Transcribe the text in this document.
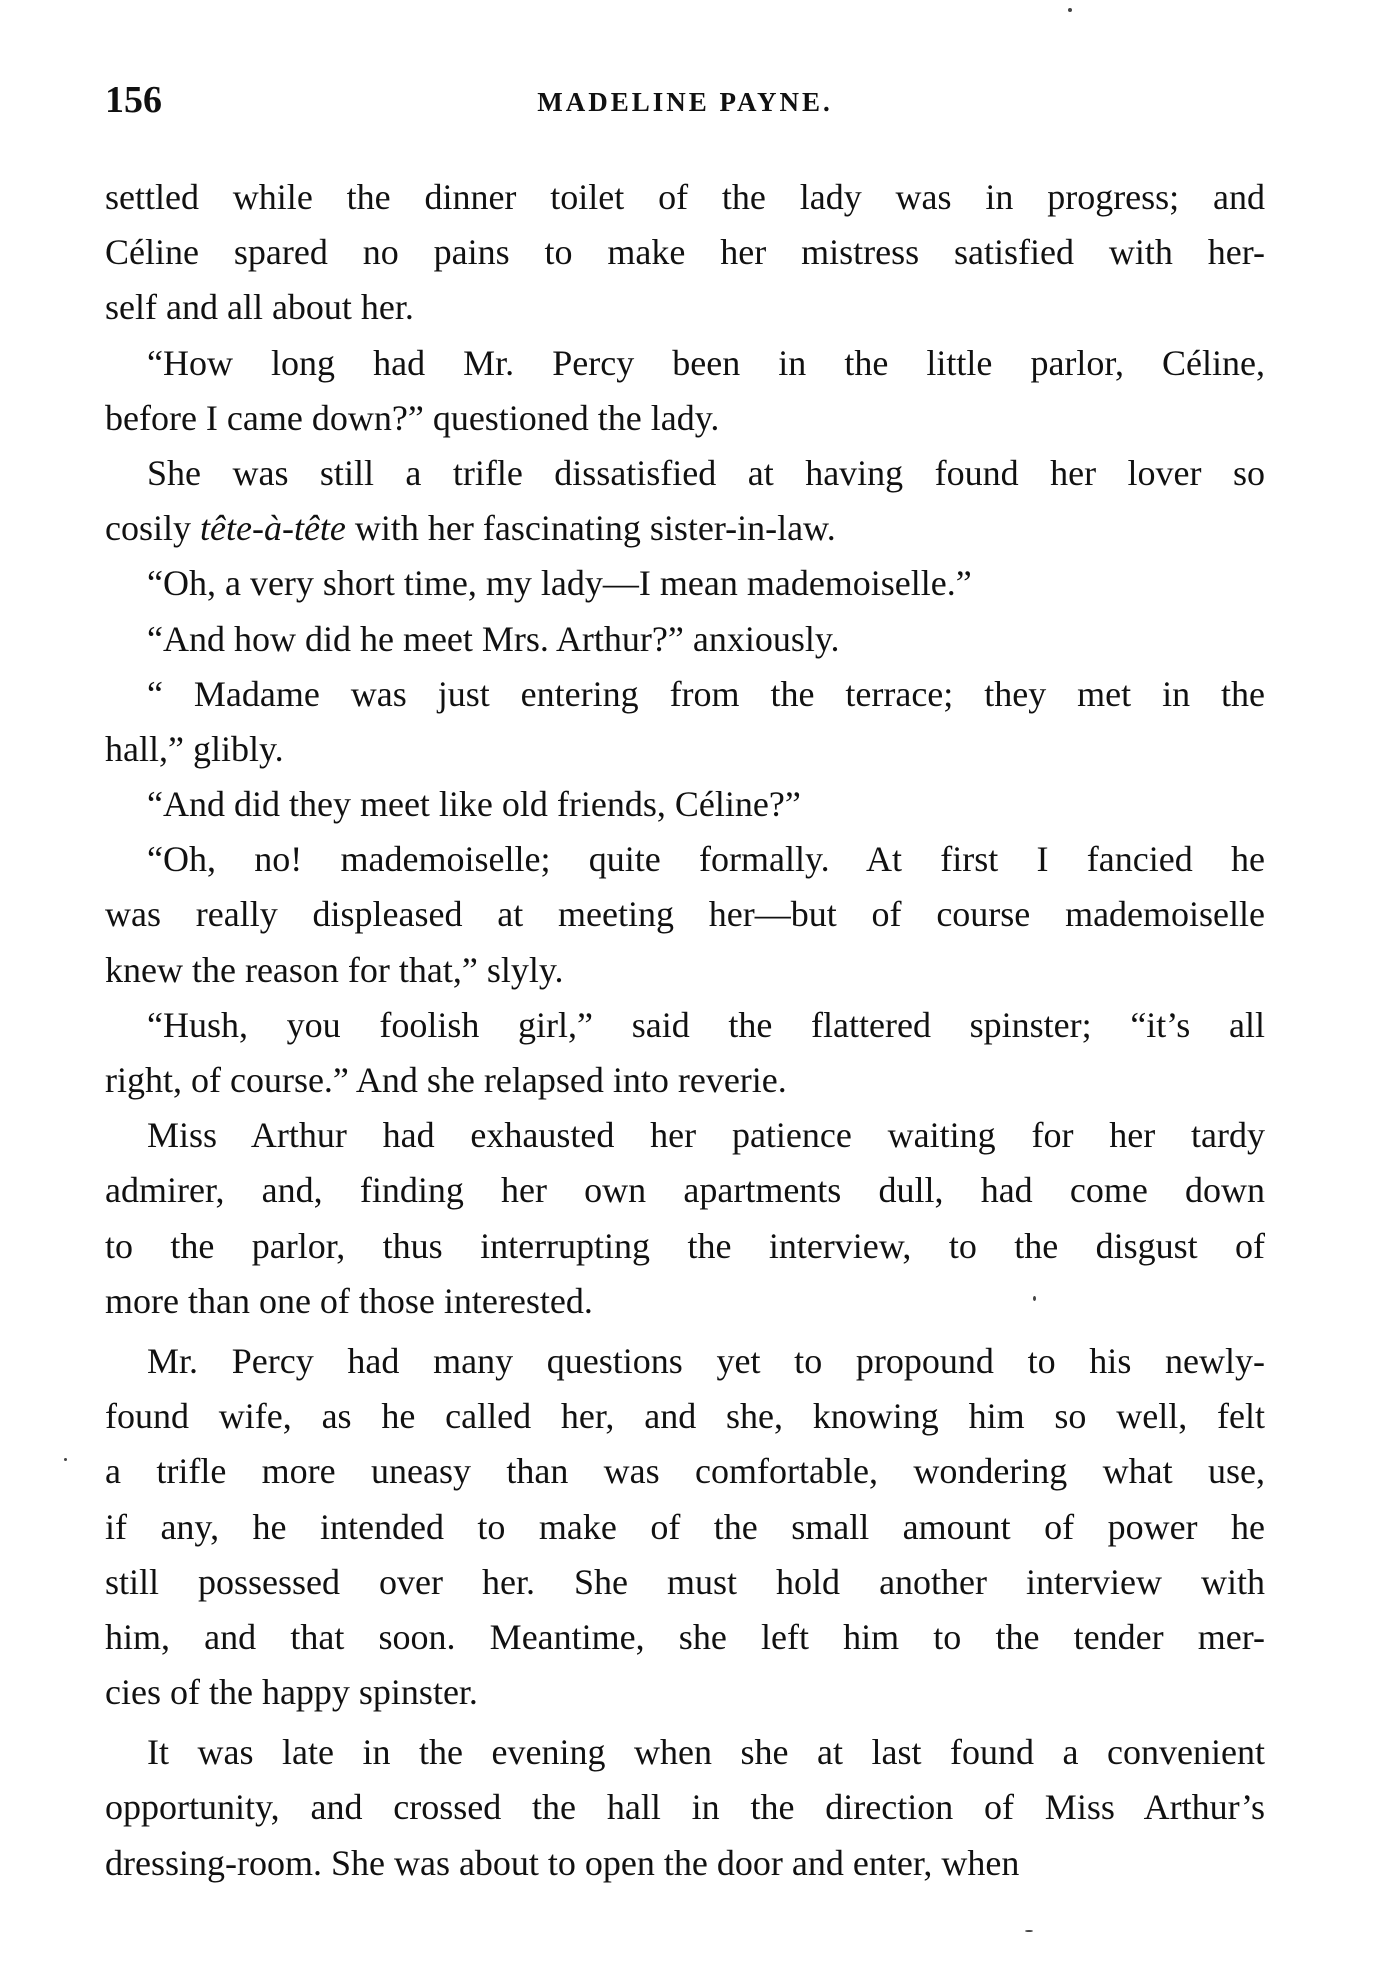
156	MADELINE PAYNE.
settled while the dinner toilet of the lady was in progress; and
Céline spared no pains to make her mistress satisfied with her-
self and all about her.
“How long had Mr. Percy been in the little parlor, Céline,
before I came down?” questioned the lady.
She was still a trifle dissatisfied at having found her lover so
cosily tête-à-tête with her fascinating sister-in-law.
“Oh, a very short time, my lady—I mean mademoiselle.”
“And how did he meet Mrs. Arthur?” anxiously.
“ Madame was just entering from the terrace; they met in the
hall,” glibly.
“And did they meet like old friends, Céline?”
“Oh, no! mademoiselle; quite formally. At first I fancied he
was really displeased at meeting her—but of course mademoiselle
knew the reason for that,” slyly.
“Hush, you foolish girl,” said the flattered spinster; “it’s all
right, of course.” And she relapsed into reverie.
Miss Arthur had exhausted her patience waiting for her tardy
admirer, and, finding her own apartments dull, had come down
to the parlor, thus interrupting the interview, to the disgust of
more than one of those interested.
Mr. Percy had many questions yet to propound to his newly-
found wife, as he called her, and she, knowing him so well, felt
a trifle more uneasy than was comfortable, wondering what use,
if any, he intended to make of the small amount of power he
still possessed over her. She must hold another interview with
him, and that soon. Meantime, she left him to the tender mer-
cies of the happy spinster.
It was late in the evening when she at last found a convenient
opportunity, and crossed the hall in the direction of Miss Arthur’s
dressing-room. She was about to open the door and enter, when
